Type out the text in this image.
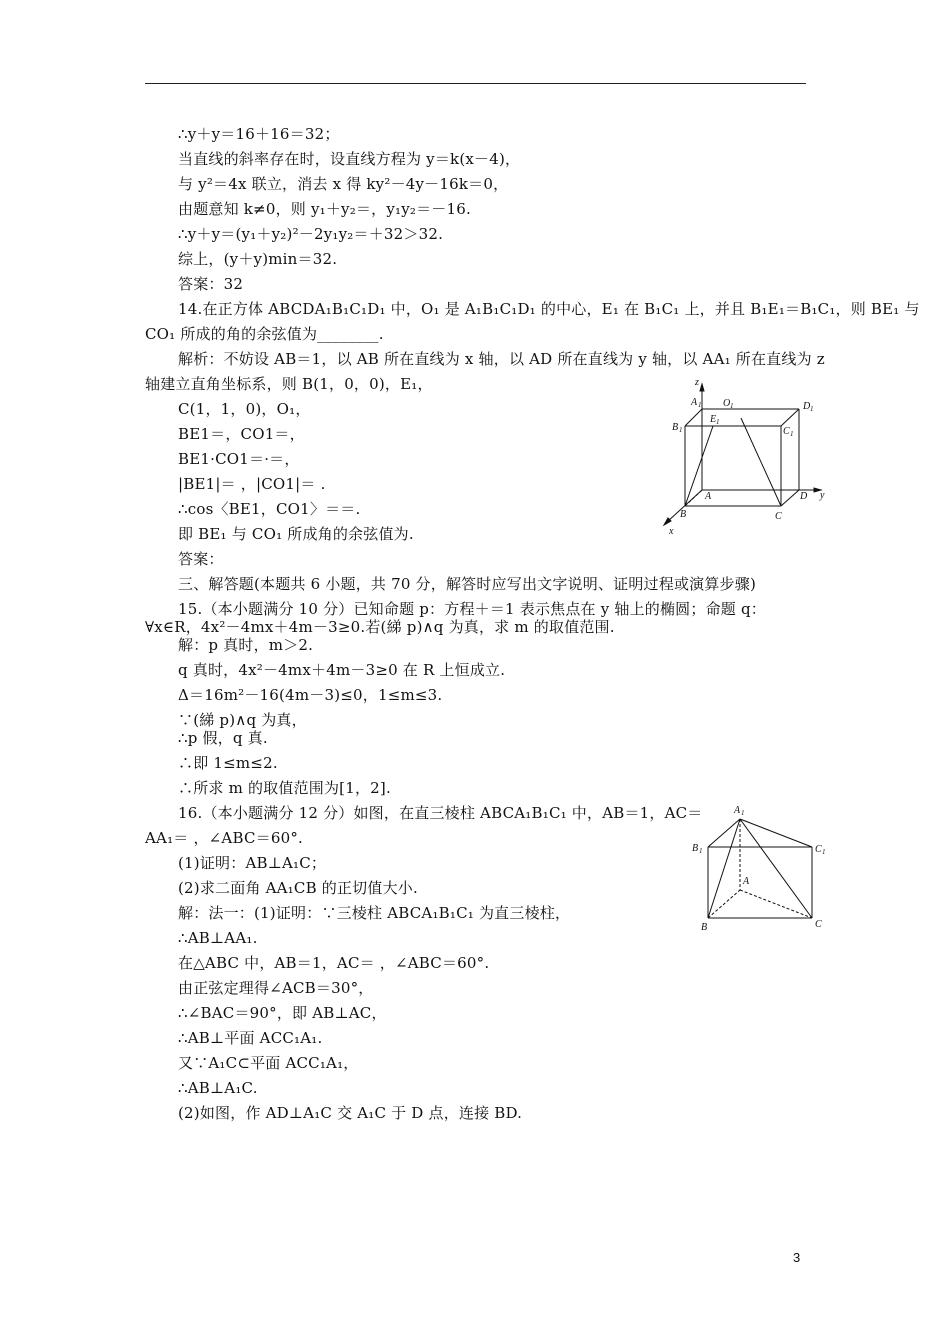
∴y＋y＝16＋16＝32；
当直线的斜率存在时，设直线方程为 y＝k(x－4)，
与 y²＝4x 联立，消去 x 得 ky²－4y－16k＝0，
由题意知 k≠0，则 y₁＋y₂＝，y₁y₂＝－16.
∴y＋y＝(y₁＋y₂)²－2y₁y₂＝＋32＞32.
综上，(y＋y)min＝32.
答案：32
14.在正方体 ABCDA₁B₁C₁D₁ 中，O₁ 是 A₁B₁C₁D₁ 的中心，E₁ 在 B₁C₁ 上，并且 B₁E₁＝B₁C₁，则 BE₁ 与
CO₁ 所成的角的余弦值为________.
解析：不妨设 AB＝1，以 AB 所在直线为 x 轴，以 AD 所在直线为 y 轴，以 AA₁ 所在直线为 z
轴建立直角坐标系，则 B(1，0，0)，E₁，
C(1，1，0)，O₁，
BE1＝，CO1＝，
BE1·CO1＝·＝，
|BE1|＝ ，|CO1|＝ .
∴cos〈BE1，CO1〉＝＝.
即 BE₁ 与 CO₁ 所成角的余弦值为.
答案：
三、解答题(本题共 6 小题，共 70 分，解答时应写出文字说明、证明过程或演算步骤)
15.（本小题满分 10 分）已知命题 p：方程＋＝1 表示焦点在 y 轴上的椭圆；命题 q：
∀x∈R，4x²－4mx＋4m－3≥0.若(綈 p)∧q 为真，求 m 的取值范围.
解：p 真时，m＞2.
q 真时，4x²－4mx＋4m－3≥0 在 R 上恒成立.
Δ＝16m²－16(4m－3)≤0，1≤m≤3.
∵(綈 p)∧q 为真，
∴p 假，q 真.
∴即 1≤m≤2.
∴所求 m 的取值范围为[1，2].
16.（本小题满分 12 分）如图，在直三棱柱 ABCA₁B₁C₁ 中，AB＝1，AC＝
AA₁＝ ，∠ABC＝60°.
(1)证明：AB⊥A₁C；
(2)求二面角 AA₁CB 的正切值大小.
解：法一：(1)证明：∵三棱柱 ABCA₁B₁C₁ 为直三棱柱，
∴AB⊥AA₁.
在△ABC 中，AB＝1，AC＝ ，∠ABC＝60°.
由正弦定理得∠ACB＝30°，
∴∠BAC＝90°，即 AB⊥AC，
∴AB⊥平面 ACC₁A₁.
又∵A₁C⊂平面 ACC₁A₁，
∴AB⊥A₁C.
(2)如图，作 AD⊥A₁C 交 A₁C 于 D 点，连接 BD.
z
y
x
A 1 O 1	D 1
B 1
E 1
C 1
A	D
B	C
A 1
B 1	C 1
A
B	C
3
